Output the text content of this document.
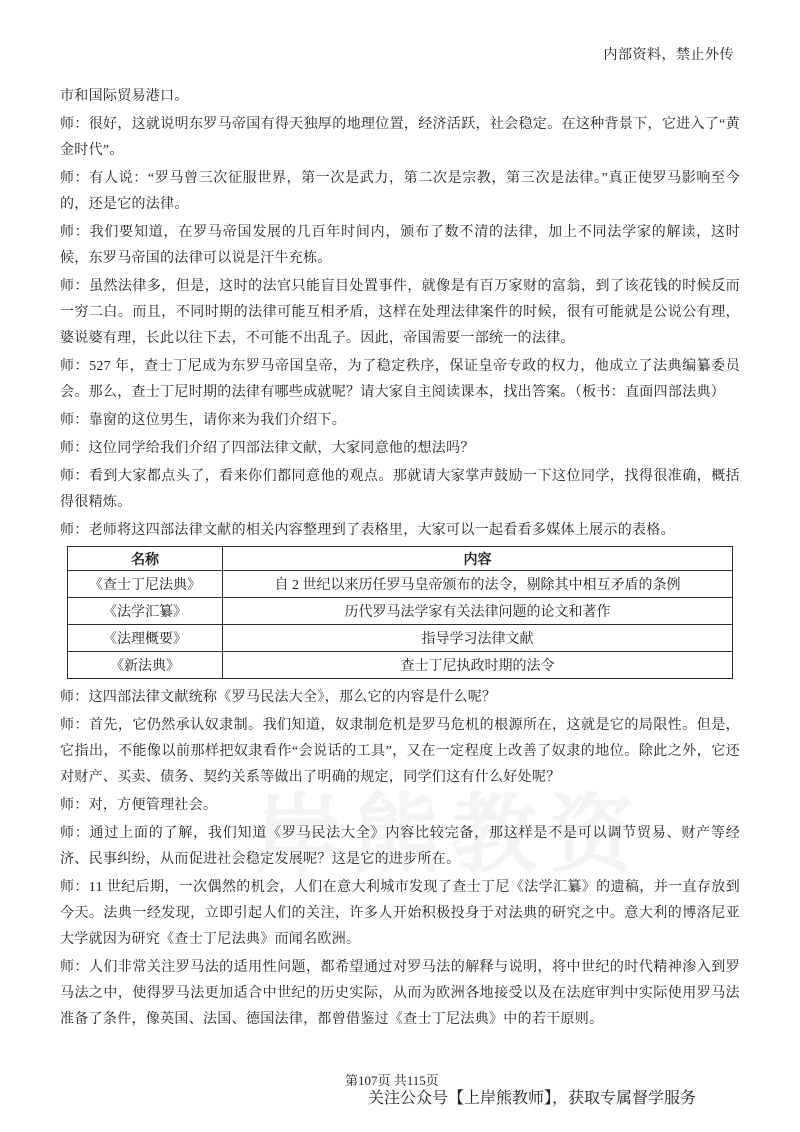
内部资料，禁止外传

市和国际贸易港口。

师：很好，这就说明东罗马帝国有得天独厚的地理位置，经济活跃，社会稳定。在这种背景下，它进入了“黄金时代”。

师：有人说：“罗马曾三次征服世界，第一次是武力，第二次是宗教，第三次是法律。”真正使罗马影响至今的，还是它的法律。

师：我们要知道，在罗马帝国发展的几百年时间内，颁布了数不清的法律，加上不同法学家的解读，这时候，东罗马帝国的法律可以说是汗牛充栋。

师：虽然法律多，但是，这时的法官只能盲目处置事件，就像是有百万家财的富翁，到了该花钱的时候反而一穷二白。而且，不同时期的法律可能互相矛盾，这样在处理法律案件的时候，很有可能就是公说公有理，婆说婆有理，长此以往下去，不可能不出乱子。因此，帝国需要一部统一的法律。

师：527 年，查士丁尼成为东罗马帝国皇帝，为了稳定秩序，保证皇帝专政的权力，他成立了法典编纂委员会。那么，查士丁尼时期的法律有哪些成就呢？请大家自主阅读课本，找出答案。（板书：直面四部法典）

师：靠窗的这位男生，请你来为我们介绍下。

师：这位同学给我们介绍了四部法律文献，大家同意他的想法吗？

师：看到大家都点头了，看来你们都同意他的观点。那就请大家掌声鼓励一下这位同学，找得很准确，概括得很精炼。

师：老师将这四部法律文献的相关内容整理到了表格里，大家可以一起看看多媒体上展示的表格。

名称	内容
《查士丁尼法典》	自 2 世纪以来历任罗马皇帝颁布的法令，剔除其中相互矛盾的条例
《法学汇纂》	历代罗马法学家有关法律问题的论文和著作
《法理概要》	指导学习法律文献
《新法典》	查士丁尼执政时期的法令

师：这四部法律文献统称《罗马民法大全》，那么它的内容是什么呢？

师：首先，它仍然承认奴隶制。我们知道，奴隶制危机是罗马危机的根源所在，这就是它的局限性。但是，它指出，不能像以前那样把奴隶看作“会说话的工具”，又在一定程度上改善了奴隶的地位。除此之外，它还对财产、买卖、债务、契约关系等做出了明确的规定，同学们这有什么好处呢？

师：对，方便管理社会。

师：通过上面的了解，我们知道《罗马民法大全》内容比较完备，那这样是不是可以调节贸易、财产等经济、民事纠纷，从而促进社会稳定发展呢？这是它的进步所在。

师：11 世纪后期，一次偶然的机会，人们在意大利城市发现了查士丁尼《法学汇纂》的遗稿，并一直存放到今天。法典一经发现，立即引起人们的关注，许多人开始积极投身于对法典的研究之中。意大利的博洛尼亚大学就因为研究《查士丁尼法典》而闻名欧洲。

师：人们非常关注罗马法的适用性问题，都希望通过对罗马法的解释与说明，将中世纪的时代精神渗入到罗马法之中，使得罗马法更加适合中世纪的历史实际，从而为欧洲各地接受以及在法庭审判中实际使用罗马法准备了条件，像英国、法国、德国法律，都曾借鉴过《查士丁尼法典》中的若干原则。

第107页 共115页
关注公众号【上岸熊教师】，获取专属督学服务
